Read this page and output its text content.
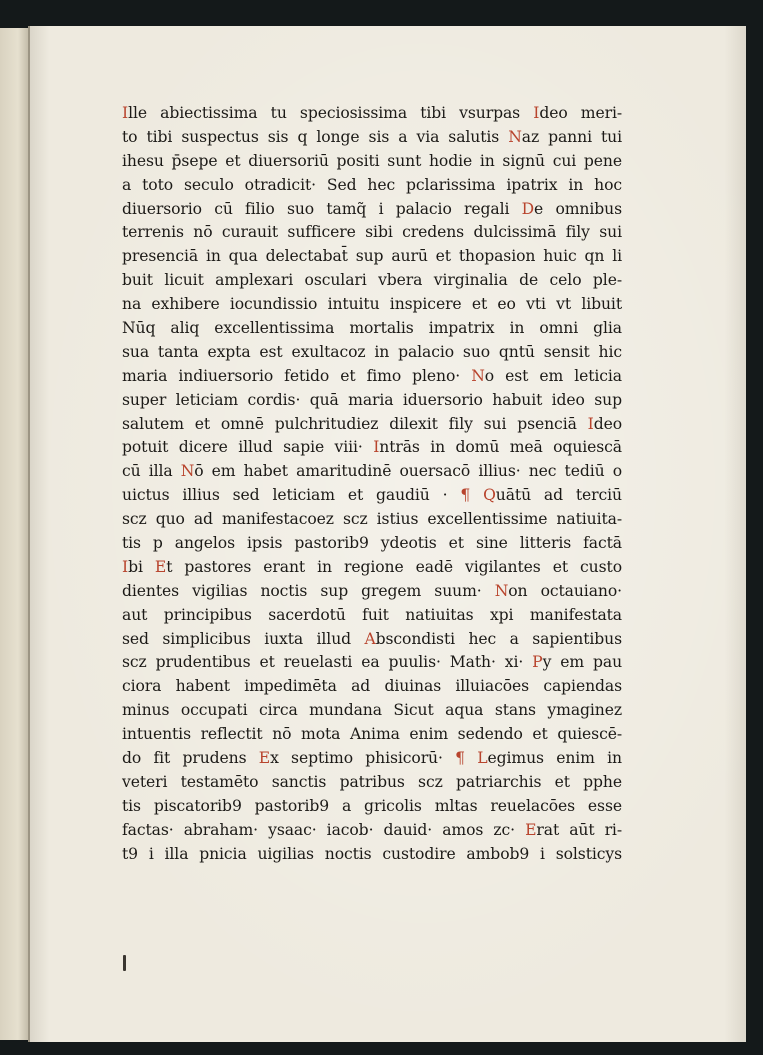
Ille abiectissima tu speciosissima tibi vsurpas Ideo meri-
to tibi suspectus sis q longe sis a via salutis Naz panni tui
ihesu p̄sepe et diuersoriū positi sunt hodie in signū cui pene
a toto seculo otradicit· Sed hec pclarissima ipatrix in hoc
diuersorio cū filio suo tamq̃ i palacio regali De omnibus
terrenis nō curauit sufficere sibi credens dulcissimā fily sui
presenciā in qua delectabat̄ sup aurū et thopasion huic qn li
buit licuit amplexari osculari vbera virginalia de celo ple-
na exhibere iocundissio intuitu inspicere et eo vti vt libuit
Nūq aliq excellentissima mortalis impatrix in omni glia
sua tanta expta est exultacoz in palacio suo qntū sensit hic
maria indiuersorio fetido et fimo pleno· No est em leticia
super leticiam cordis· quā maria iduersorio habuit ideo sup
salutem et omnē pulchritudiez dilexit fily sui psenciā Ideo
potuit dicere illud sapie viii· Intrās in domū meā oquiescā
cū illa Nō em habet amaritudinē ouersacō illius· nec tediū o
uictus illius sed leticiam et gaudiū · ¶ Quātū ad terciū
scz quo ad manifestacoez scz istius excellentissime natiuita-
tis p angelos ipsis pastorib9 ydeotis et sine litteris factā
Ibi Et pastores erant in regione eadē vigilantes et custo
dientes vigilias noctis sup gregem suum· Non octauiano·
aut principibus sacerdotū fuit natiuitas xpi manifestata
sed simplicibus iuxta illud Abscondisti hec a sapientibus
scz prudentibus et reuelasti ea puulis· Math· xi· Py em pau
ciora habent impedimēta ad diuinas illuiacōes capiendas
minus occupati circa mundana Sicut aqua stans ymaginez
intuentis reflectit nō mota Anima enim sedendo et quiescē-
do fit prudens Ex septimo phisicorū· ¶ Legimus enim in
veteri testamēto sanctis patribus scz patriarchis et pphe
tis piscatorib9 pastorib9 a gricolis mltas reuelacōes esse
factas· abraham· ysaac· iacob· dauid· amos zc· Erat aūt ri-
t9 i illa pnicia uigilias noctis custodire ambob9 i solsticys
